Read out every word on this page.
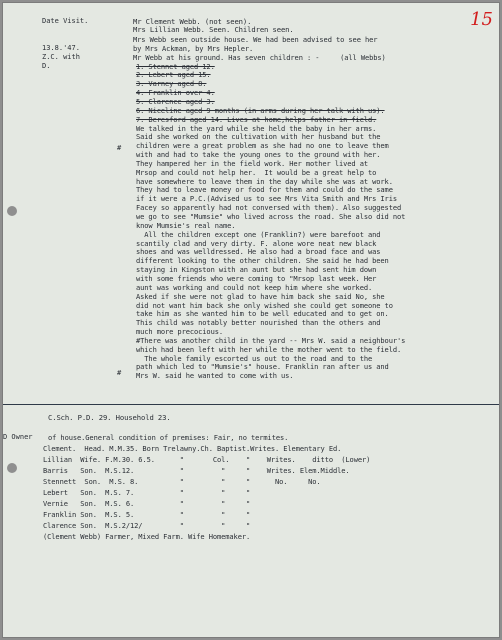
15
Date Visit.
13.8.'47.
Z.C. with
D.
#
#
Mr Clement Webb. (not seen).
Mrs Lillian Webb. Seen. Children seen.
Mrs Webb seen outside house. We had been advised to see her
by Mrs Ackman, by Mrs Hepler.
Mr Webb at his ground. Has seven children : -     (all Webbs)
1. Stennet aged 12.
2. Lebert aged 15.
3. Varney aged 8.
4. Franklin over 4.
5. Clarence aged 3.
6. Niceline aged 9 months (in arms during her talk with us).
7. Beresford aged 14. Lives at home,helps father in field.
We talked in the yard while she held the baby in her arms.
Said she worked on the cultivation with her husband but the
children were a great problem as she had no one to leave them
with and had to take the young ones to the ground with her.
They hampered her in the field work. Her mother lived at
Mrsop and could not help her.  It would be a great help to
have somewhere to leave them in the day while she was at work.
They had to leave money or food for them and could do the same
if it were a P.C.(Advised us to see Mrs Vita Smith and Mrs Iris
Facey so apparently had not conversed with them). Also suggested
we go to see "Mumsie" who lived across the road. She also did not
know Mumsie's real name.
All the children except one (Franklin?) were barefoot and
scantily clad and very dirty. F. alone wore neat new black
shoes and was welldressed. He also had a broad face and was
different looking to the other children. She said he had been
staying in Kingston with an aunt but she had sent him down
with some friends who were coming to "Mrsop last week. Her
aunt was working and could not keep him where she worked.
Asked if she were not glad to have him back she said No, she
did not want him back she only wished she could get someone to
take him as she wanted him to be well educated and to get on.
This child was notably better nourished than the others and
much more precocious.
#There was another child in the yard -- Mrs W. said a neighbour's
which had been left with her while the mother went to the field.
The whole family escorted us out to the road and to the
path which led to "Mumsie's" house. Franklin ran after us and
Mrs W. said he wanted to come with us.
C.Sch. P.D. 29. Household 23.
D Owner of house.General condition of premises: Fair, no termites.
Clement.  Head. M.M.35. Born Trelawny.Ch. Baptist.Writes. Elementary Ed.
Lillian  Wife. F.M.30. 6.5.      "       Col.    "    Writes.    ditto  (Lower)
Barris   Son.  M.S.12.           "         "     "    Writes. Elem.Middle.
Stennett  Son.  M.S. 8.          "         "     "      No.     No.
Lebert   Son.  M.S. 7.           "         "     "
Vernie   Son.  M.S. 6.           "         "     "
Franklin Son.  M.S. 5.           "         "     "
Clarence Son.  M.S.2/12/         "         "     "
(Clement Webb) Farmer, Mixed Farm. Wife Homemaker.
